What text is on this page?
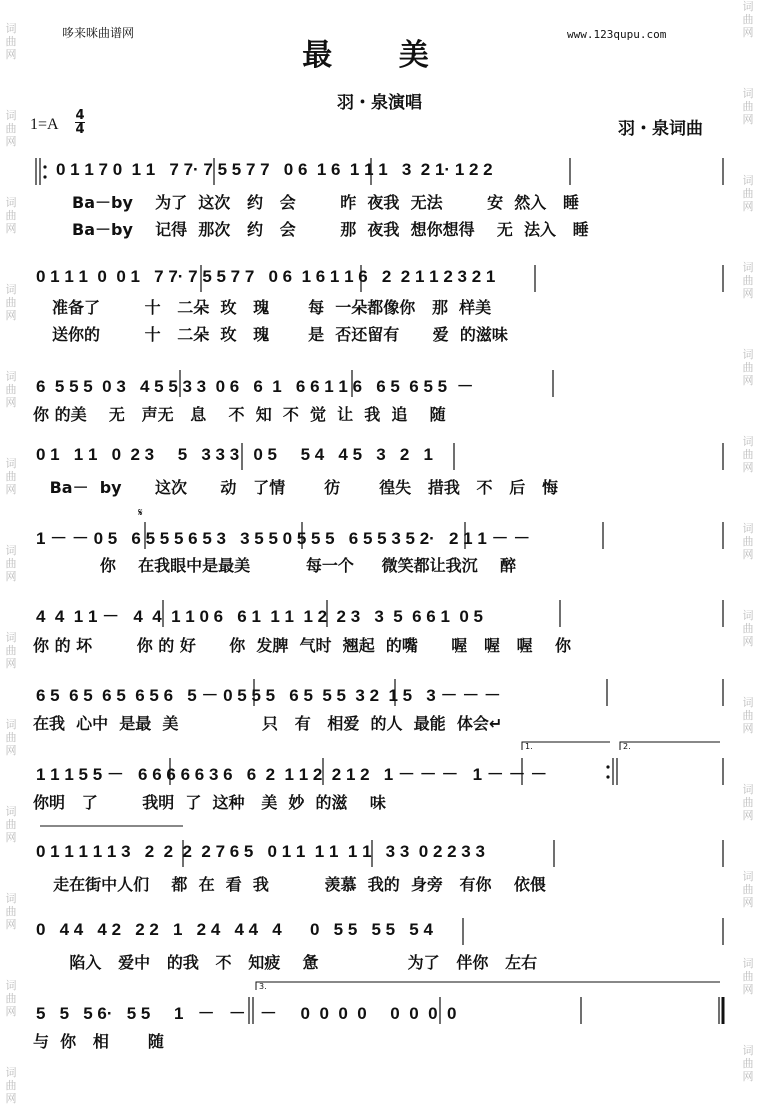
哆来咪曲谱网	www.123qupu.com
最 美
羽・泉演唱
1=A
4
4	羽・泉词曲
词曲网
词曲网
词曲网
词曲网
词曲网
词曲网
词曲网
词曲网
词曲网
词曲网
词曲网
词曲网
词曲网
词曲网
词曲网
词曲网
词曲网
词曲网
词曲网
词曲网
词曲网
词曲网
词曲网
词曲网
词曲网
词曲网
1.	2.
3.
𝄋
0 1 1 7 0  1 1   7 7· 7 5 5 7 7   0 6  1 6  1 1 1   3  2 1· 1 2 2
Ba－by    为了  这次   约   会        昨  夜我  无法        安  然入   睡
Ba－by    记得  那次   约   会        那  夜我  想你想得    无  法入   睡
0 1 1 1  0  0 1   7 7· 7 5 5 7 7   0 6  1 6 1 1 6   2  2 1 1 2 3 2 1
准备了        十   二朵  玫   瑰       每  一朵都像你   那  样美
送你的        十   二朵  玫   瑰       是  否还留有      爱  的滋味
6  5 5 5  0 3   4 5 5 3 3  0 6   6  1   6 6 1 1 6   6 5  6 5 5  －
你 的美    无   声无   息    不  知  不  觉  让  我  追    随
0 1   1 1   0  2 3     5   3 3 3   0 5     5 4   4 5   3   2   1
Ba－  by      这次      动   了情       彷       徨失   措我   不   后   悔
1 － － 0 5   6 5 5 5 6 5 3   3 5 5 0 5 5 5   6 5 5 3 5 2·   2 1 1 － －
你    在我眼中是最美          每一个     微笑都让我沉    醉
4  4  1 1 －   4  4  1 1 0 6   6 1  1 1  1 2  2 3   3  5  6 6 1  0 5
你 的 坏        你 的 好      你  发脾  气时  翘起  的嘴      喔   喔   喔    你
6 5  6 5  6 5  6 5 6   5 － 0 5 5 5   6 5  5 5  3 2  1 5   3 － － －
在我  心中  是最  美               只   有   相爱  的人  最能  体会↵
1 1 1 5 5 －   6 6 6 6 6 3 6   6  2  1 1 2  2 1 2   1 － － －   1 － － －
你明   了        我明  了  这种   美  妙  的滋    味
0 1 1 1 1 1 3   2  2  2  2 7 6 5   0 1 1  1 1  1 1   3 3  0 2 2 3 3
走在街中人们    都  在  看  我          羡慕  我的  身旁   有你    依偎
0   4 4   4 2   2 2   1   2 4   4 4   4      0   5 5   5 5   5 4
陷入   爱中   的我   不   知疲    惫                为了   伴你   左右
5   5   5 6·   5 5     1   －   －   －     0  0  0  0     0  0  0  0
与  你   相       随
